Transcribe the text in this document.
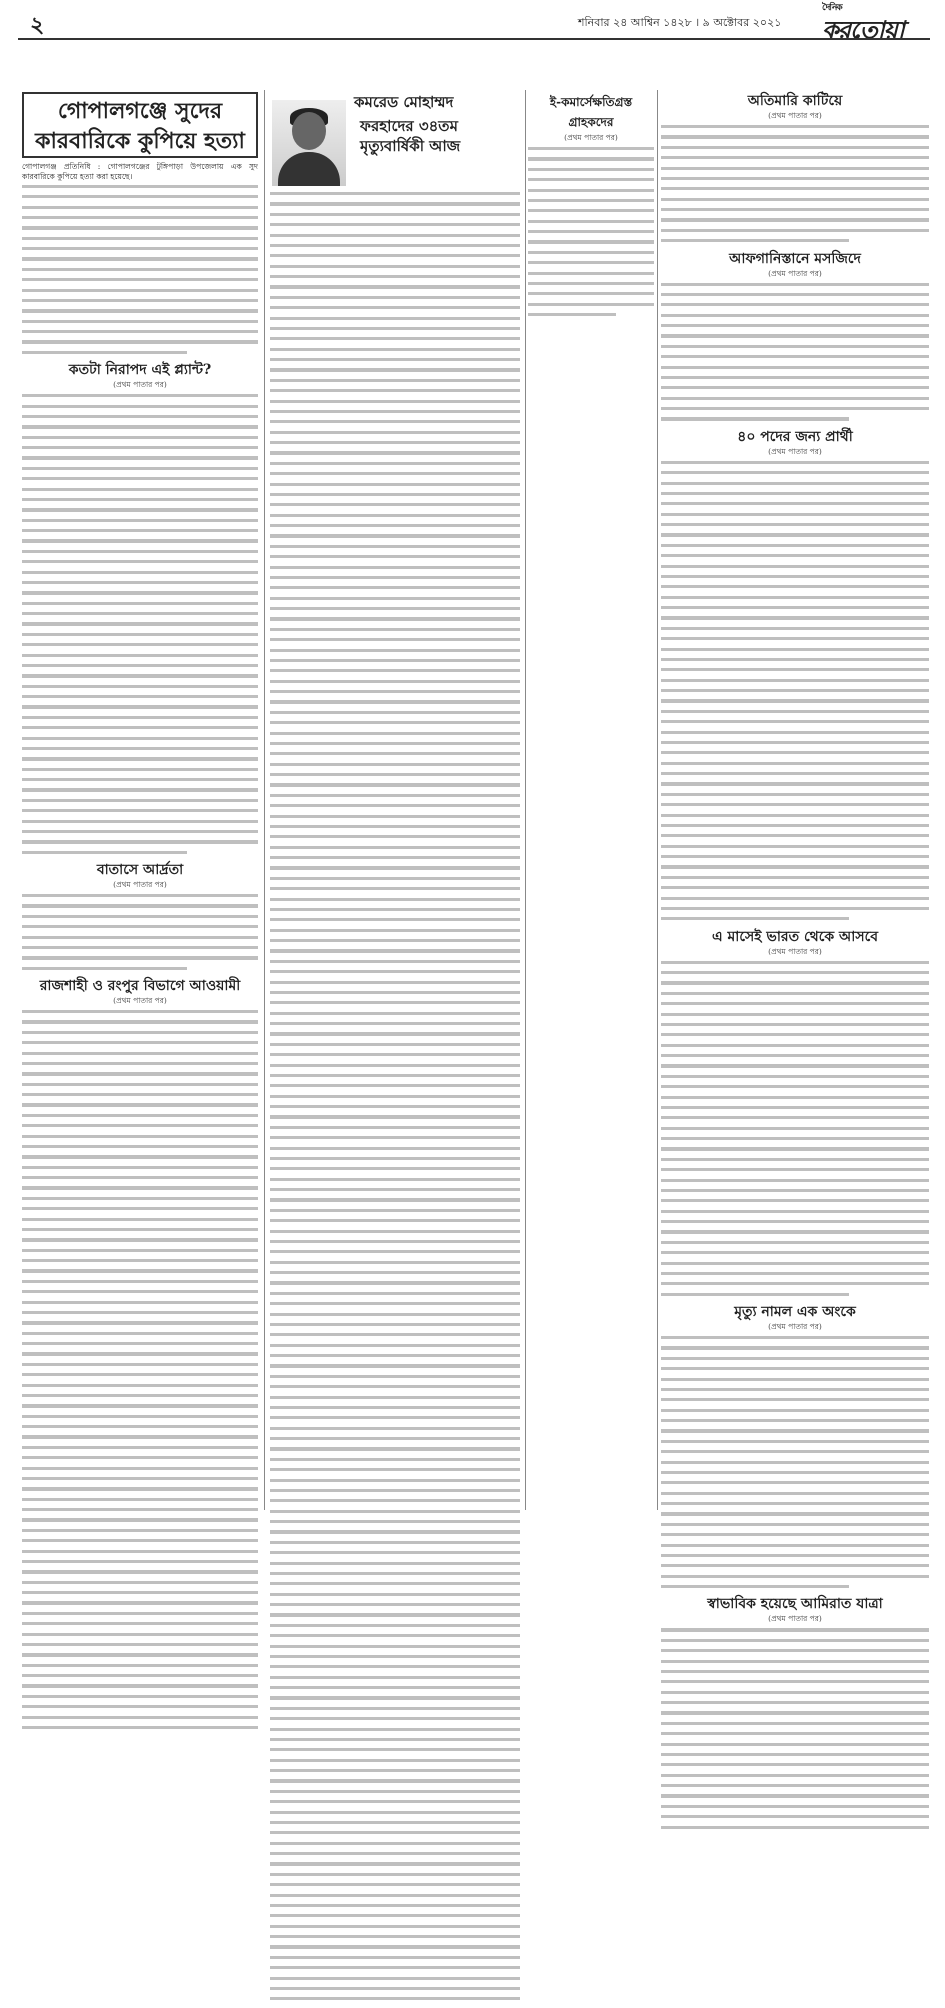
২	শনিবার ২৪ আশ্বিন ১৪২৮ । ৯ অক্টোবর ২০২১
দৈনিক
করতোয়া
গোপালগঞ্জে সুদের
কারবারিকে কুপিয়ে হত্যা
গোপালগঞ্জ প্রতিনিধি : গোপালগঞ্জের টুঙ্গিপাড়া উপজেলায় এক সুদ কারবারিকে কুপিয়ে হত্যা করা হয়েছে।
কতটা নিরাপদ এই প্ল্যান্ট?
(প্রথম পাতার পর)
বাতাসে আর্দ্রতা
(প্রথম পাতার পর)
রাজশাহী ও রংপুর বিভাগে আওয়ামী
(প্রথম পাতার পর)
কমরেড মোহাম্মদ
ফরহাদের ৩৪তম
মৃত্যুবার্ষিকী আজ
ই-কমার্সেক্ষতিগ্রস্ত গ্রাহকদের
(প্রথম পাতার পর)
অতিমারি কাটিয়ে
(প্রথম পাতার পর)
আফগানিস্তানে মসজিদে
(প্রথম পাতার পর)
৪০ পদের জন্য প্রার্থী
(প্রথম পাতার পর)
এ মাসেই ভারত থেকে আসবে
(প্রথম পাতার পর)
মৃত্যু নামল এক অংকে
(প্রথম পাতার পর)
স্বাভাবিক হয়েছে আমিরাত যাত্রা
(প্রথম পাতার পর)
